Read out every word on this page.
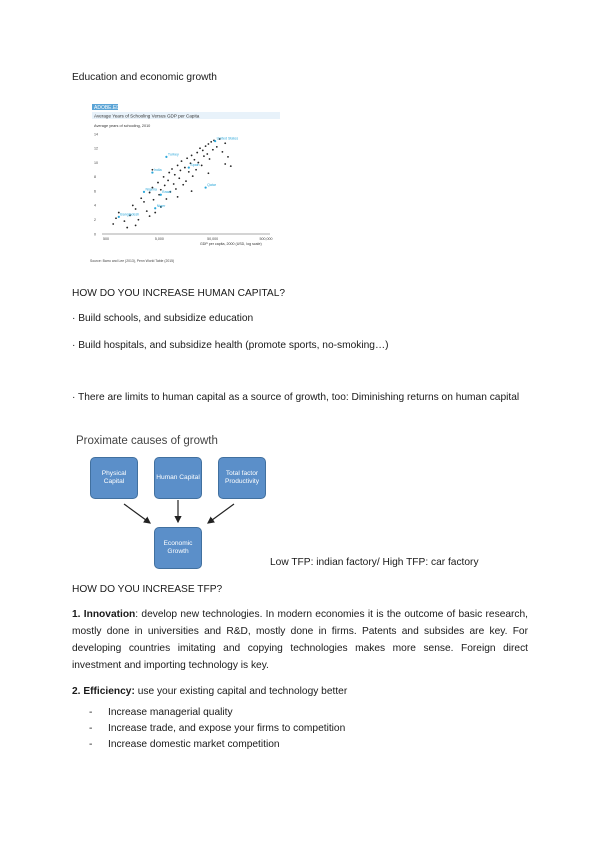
Education and economic growth
ADOBE.ED
Average Years of Schooling Versus GDP per Capita
Average years of schooling, 2010
14
12
10
8
6
4
2
0
500	5,000	50,000	500,000
United States
Turkey
India
Brazil
Spain
Bangladesh
Nigeria
Qatar
Niger
GDP per capita, 2000 (USD, log scale)
Source: Barro and Lee (2013), Penn World Table (2015)
HOW DO YOU INCREASE HUMAN CAPITAL?
· Build schools, and subsidize education
· Build hospitals, and subsidize health (promote sports, no-smoking…)
· There are limits to human capital as a source of growth, too: Diminishing returns on human capital
Proximate causes of growth
Physical Capital
Human Capital
Total factor Productivity
Economic Growth
Low TFP: indian factory/ High TFP: car factory
HOW DO YOU INCREASE TFP?
1. Innovation: develop new technologies. In modern economies it is the outcome of basic research, mostly done in universities and R&D, mostly done in firms. Patents and subsides are key. For developing countries imitating and copying technologies makes more sense. Foreign direct investment and importing technology is key.
2. Efficiency: use your existing capital and technology better
- Increase managerial quality
- Increase trade, and expose your firms to competition
- Increase domestic market competition
